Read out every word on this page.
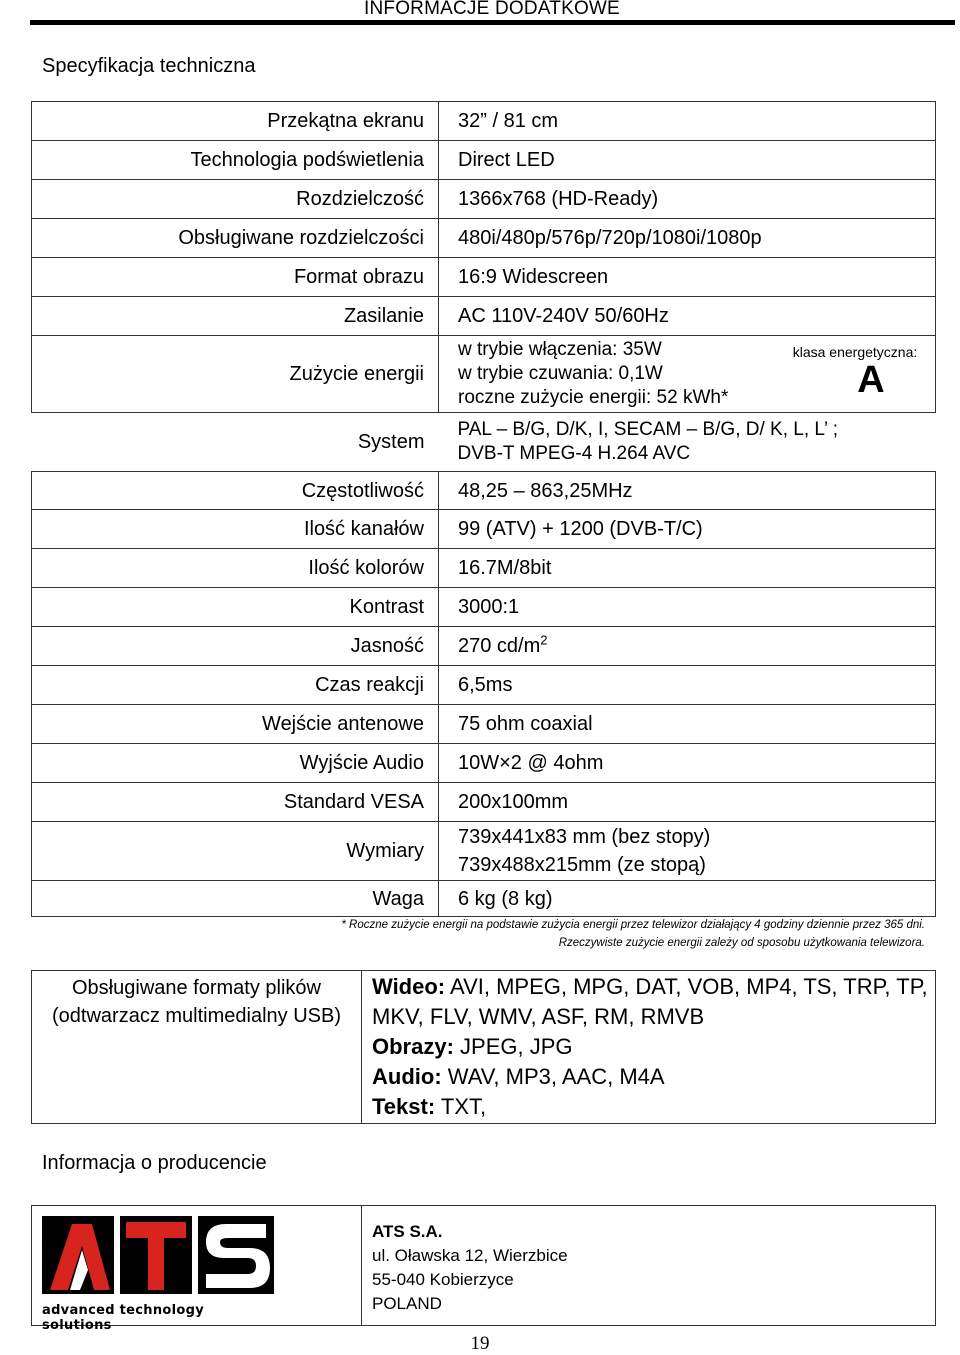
INFORMACJE DODATKOWE
Specyfikacja techniczna
Przekątna ekranu	32” / 81 cm
Technologia podświetlenia	Direct LED
Rozdzielczość	1366x768 (HD-Ready)
Obsługiwane rozdzielczości	480i/480p/576p/720p/1080i/1080p
Format obrazu	16:9 Widescreen
Zasilanie	AC 110V-240V 50/60Hz
Zużycie energii	w trybie włączenia: 35W
w trybie czuwania: 0,1W
roczne zużycie energii: 52 kWh*
klasa energetyczna:
A

System	PAL – B/G, D/K, I, SECAM – B/G, D/ K, L, L’ ;
DVB-T MPEG-4 H.264 AVC

Częstotliwość	48,25 – 863,25MHz
Ilość kanałów	99 (ATV) + 1200 (DVB-T/C)
Ilość kolorów	16.7M/8bit
Kontrast	3000:1
Jasność	270 $cd/m^2$
Czas reakcji	6,5ms
Wejście antenowe	75 ohm coaxial
Wyjście Audio	10W×2 @ 4ohm
Standard VESA	200x100mm
Wymiary	739x441x83 mm (bez stopy)
739x488x215mm (ze stopą)

Waga	6 kg (8 kg)
* Roczne zużycie energii na podstawie zużycia energii przez telewizor działający 4 godziny dziennie przez 365 dni.
Rzeczywiste zużycie energii zależy od sposobu użytkowania telewizora.
Obsługiwane formaty plików
(odtwarzacz multimedialny USB)

Wideo: AVI, MPEG, MPG, DAT, VOB, MP4, TS, TRP, TP, MKV, FLV, WMV, ASF, RM, RMVB
Obrazy: JPEG, JPG
Audio: WAV, MP3, AAC, M4A
Tekst: TXT,
Informacja o producencie
advanced technology solutions

ATS S.A.
ul. Oławska 12, Wierzbice
55-040 Kobierzyce
POLAND
19
